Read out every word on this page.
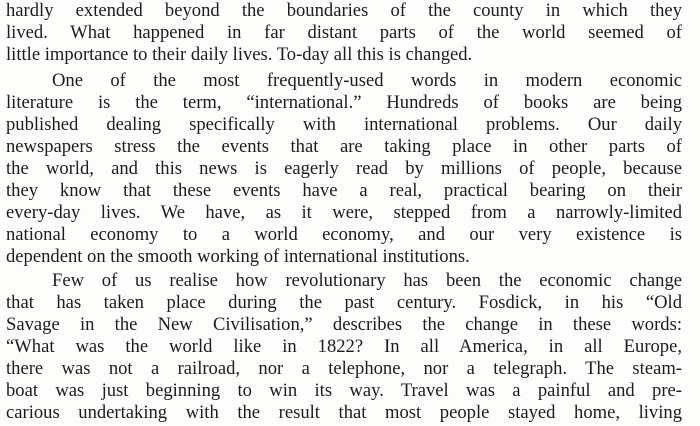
hardly extended beyond the boundaries of the county in which they
lived. What happened in far distant parts of the world seemed of
little importance to their daily lives. To-day all this is changed.
One of the most frequently-used words in modern economic
literature is the term, “international.” Hundreds of books are being
published dealing specifically with international problems. Our daily
newspapers stress the events that are taking place in other parts of
the world, and this news is eagerly read by millions of people, because
they know that these events have a real, practical bearing on their
every-day lives. We have, as it were, stepped from a narrowly-limited
national economy to a world economy, and our very existence is
dependent on the smooth working of international institutions.
Few of us realise how revolutionary has been the economic change
that has taken place during the past century. Fosdick, in his “Old
Savage in the New Civilisation,” describes the change in these words:
“What was the world like in 1822? In all America, in all Europe,
there was not a railroad, nor a telephone, nor a telegraph. The steam-
boat was just beginning to win its way. Travel was a painful and pre-
carious undertaking with the result that most people stayed home, living
